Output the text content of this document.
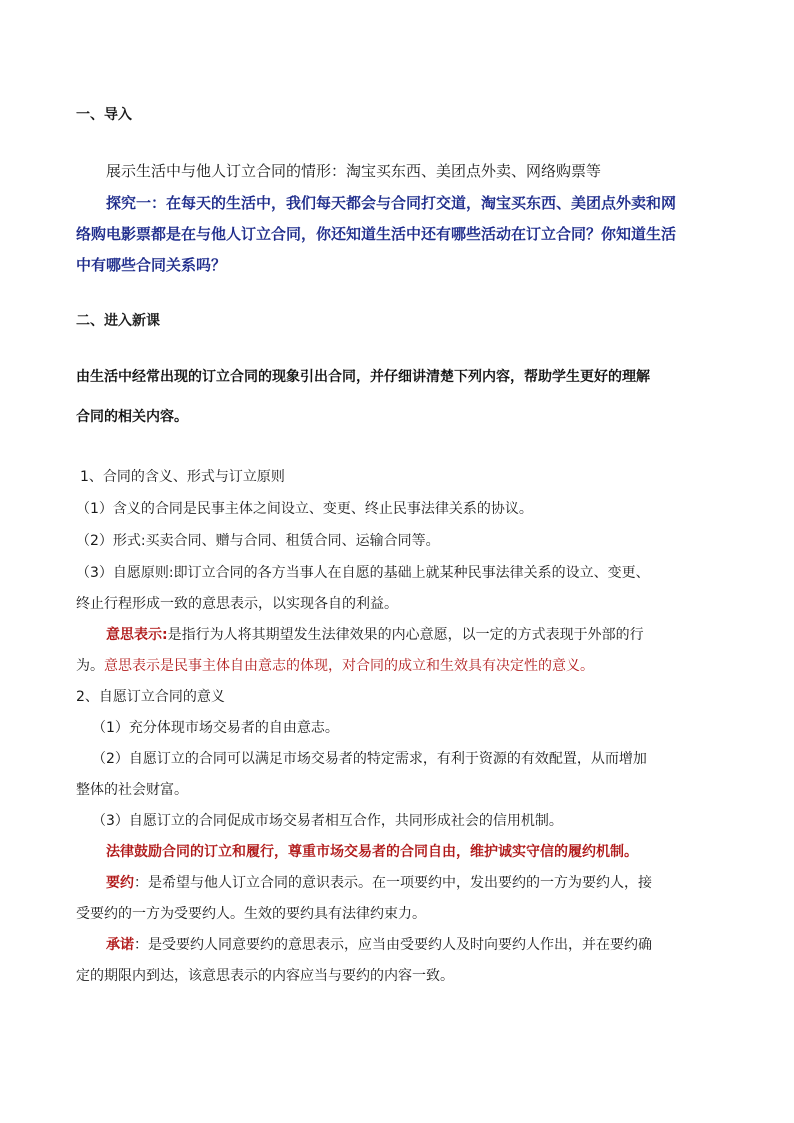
一、导入
展示生活中与他人订立合同的情形：淘宝买东西、美团点外卖、网络购票等
探究一：在每天的生活中，我们每天都会与合同打交道，淘宝买东西、美团点外卖和网
络购电影票都是在与他人订立合同，你还知道生活中还有哪些活动在订立合同？你知道生活
中有哪些合同关系吗？
二、进入新课
由生活中经常出现的订立合同的现象引出合同，并仔细讲清楚下列内容，帮助学生更好的理解
合同的相关内容。
1、合同的含义、形式与订立原则
（1）含义的合同是民事主体之间设立、变更、终止民事法律关系的协议。
（2）形式:买卖合同、赠与合同、租赁合同、运输合同等。
（3）自愿原则:即订立合同的各方当事人在自愿的基础上就某种民事法律关系的设立、变更、
终止行程形成一致的意思表示，以实现各自的利益。
意思表示:是指行为人将其期望发生法律效果的内心意愿，以一定的方式表现于外部的行
为。意思表示是民事主体自由意志的体现，对合同的成立和生效具有决定性的意义。
2、自愿订立合同的意义
（1）充分体现市场交易者的自由意志。
（2）自愿订立的合同可以满足市场交易者的特定需求，有利于资源的有效配置，从而增加
整体的社会财富。
（3）自愿订立的合同促成市场交易者相互合作，共同形成社会的信用机制。
法律鼓励合同的订立和履行，尊重市场交易者的合同自由，维护诚实守信的履约机制。
要约：是希望与他人订立合同的意识表示。在一项要约中，发出要约的一方为要约人，接
受要约的一方为受要约人。生效的要约具有法律约束力。
承诺：是受要约人同意要约的意思表示，应当由受要约人及时向要约人作出，并在要约确
定的期限内到达，该意思表示的内容应当与要约的内容一致。
